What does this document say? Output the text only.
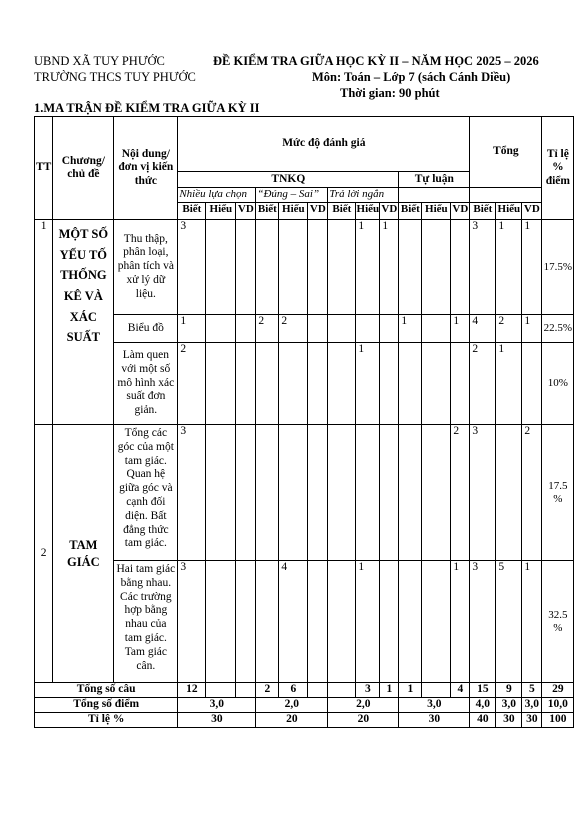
UBND XÃ TUY PHƯỚC
TRƯỜNG THCS TUY PHƯỚC
ĐỀ KIỂM TRA GIỮA HỌC KỲ II – NĂM HỌC 2025 – 2026
Môn: Toán – Lớp 7 (sách Cánh Diều)
Thời gian: 90 phút
1.MA TRẬN ĐỀ KIỂM TRA GIỮA KỲ II
TT	Chương/ chủ đề	Nội dung/đơn vị kiến thức	Mức độ đánh giá												Tổng			Tỉ lệ % điểm
			TNKQ									Tự luận						
			Nhiều lựa chọn			“Đúng – Sai”			Trả lời ngắn									
			Biết	Hiểu	VD	Biết	Hiểu	VD	Biết	Hiểu	VD	Biết	Hiểu	VD	Biết	Hiểu	VD	
1	MỘT SỐ YẾU TỐ THỐNG KÊ VÀ XÁC SUẤT	Thu thập, phân loại, phân tích và xử lý dữ liệu.	3							1	1				3	1	1	17.5%
		Biểu đồ	1			2	2					1		1	4	2	1	22.5%
		Làm quen với một số mô hình xác suất đơn giản.	2							1					2	1		10%
2	TAM GIÁC	Tổng các góc của một tam giác. Quan hệ giữa góc và cạnh đối diện. Bất đẳng thức tam giác.	3											2	3		2	17.5 %
		Hai tam giác bằng nhau. Các trường hợp bằng nhau của tam giác. Tam giác cân.	3				4			1				1	3	5	1	32.5 %
Tổng số câu			12			2	6			3	1	1		4	15	9	5	29
Tổng số điểm			3,0			2,0			2,0			3,0			4,0	3,0	3,0	10,0
Tỉ lệ %			30			20			20			30			40	30	30	100
